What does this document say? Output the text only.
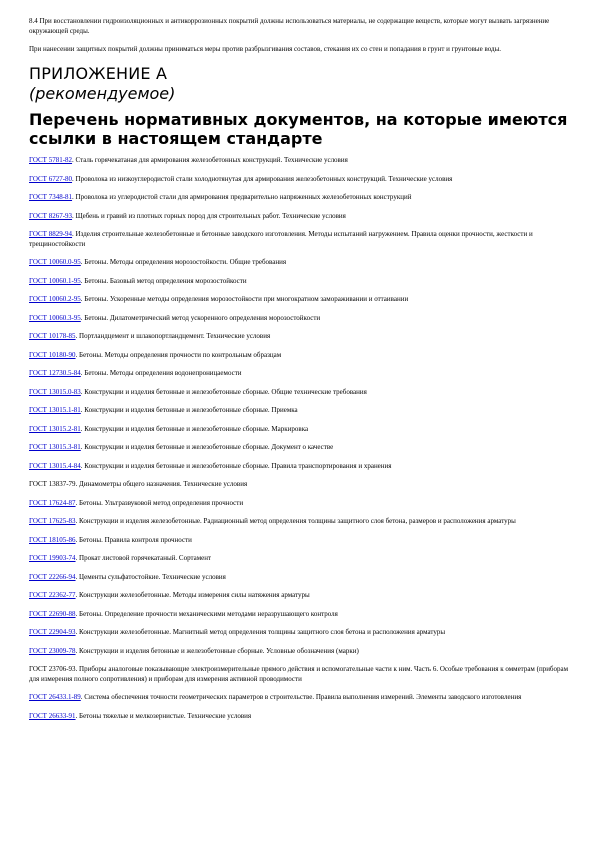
8.4 При восстановлении гидроизоляционных и антикоррозионных покрытий должны использоваться материалы, не содержащие веществ, которые могут вызвать загрязнение окружающей среды.

При нанесении защитных покрытий должны приниматься меры против разбрызгивания составов, стекания их со стен и попадания в грунт и грунтовые воды.

ПРИЛОЖЕНИЕ А
(рекомендуемое)
Перечень нормативных документов, на которые имеются ссылки в настоящем стандарте
ГОСТ 5781-82. Сталь горячекатаная для армирования железобетонных конструкций. Технические условия
ГОСТ 6727-80. Проволока из низкоуглеродистой стали холоднотянутая для армирования железобетонных конструкций. Технические условия
ГОСТ 7348-81. Проволока из углеродистой стали для армирования предварительно напряженных железобетонных конструкций
ГОСТ 8267-93. Щебень и гравий из плотных горных пород для строительных работ. Технические условия
ГОСТ 8829-94. Изделия строительные железобетонные и бетонные заводского изготовления. Методы испытаний нагружением. Правила оценки прочности, жесткости и трещиностойкости
ГОСТ 10060.0-95. Бетоны. Методы определения морозостойкости. Общие требования
ГОСТ 10060.1-95. Бетоны. Базовый метод определения морозостойкости
ГОСТ 10060.2-95. Бетоны. Ускоренные методы определения морозостойкости при многократном замораживании и оттаивании
ГОСТ 10060.3-95. Бетоны. Дилатометрический метод ускоренного определения морозостойкости
ГОСТ 10178-85. Портландцемент и шлакопортландцемент. Технические условия
ГОСТ 10180-90. Бетоны. Методы определения прочности по контрольным образцам
ГОСТ 12730.5-84. Бетоны. Методы определения водонепроницаемости
ГОСТ 13015.0-83. Конструкции и изделия бетонные и железобетонные сборные. Общие технические требования
ГОСТ 13015.1-81. Конструкции и изделия бетонные и железобетонные сборные. Приемка
ГОСТ 13015.2-81. Конструкции и изделия бетонные и железобетонные сборные. Маркировка
ГОСТ 13015.3-81. Конструкции и изделия бетонные и железобетонные сборные. Документ о качестве
ГОСТ 13015.4-84. Конструкции и изделия бетонные и железобетонные сборные. Правила транспортирования и хранения
ГОСТ 13837-79. Динамометры общего назначения. Технические условия
ГОСТ 17624-87. Бетоны. Ультразвуковой метод определения прочности
ГОСТ 17625-83. Конструкции и изделия железобетонные. Радиационный метод определения толщины защитного слоя бетона, размеров и расположения арматуры
ГОСТ 18105-86. Бетоны. Правила контроля прочности
ГОСТ 19903-74. Прокат листовой горячекатаный. Сортамент
ГОСТ 22266-94. Цементы сульфатостойкие. Технические условия
ГОСТ 22362-77. Конструкции железобетонные. Методы измерения силы натяжения арматуры
ГОСТ 22690-88. Бетоны. Определение прочности механическими методами неразрушающего контроля
ГОСТ 22904-93. Конструкции железобетонные. Магнитный метод определения толщины защитного слоя бетона и расположения арматуры
ГОСТ 23009-78. Конструкции и изделия бетонные и железобетонные сборные. Условные обозначения (марки)
ГОСТ 23706-93. Приборы аналоговые показывающие электроизмерительные прямого действия и вспомогательные части к ним. Часть 6. Особые требования к омметрам (приборам для измерения полного сопротивления) и приборам для измерения активной проводимости
ГОСТ 26433.1-89. Система обеспечения точности геометрических параметров в строительстве. Правила выполнения измерений. Элементы заводского изготовления
ГОСТ 26633-91. Бетоны тяжелые и мелкозернистые. Технические условия
